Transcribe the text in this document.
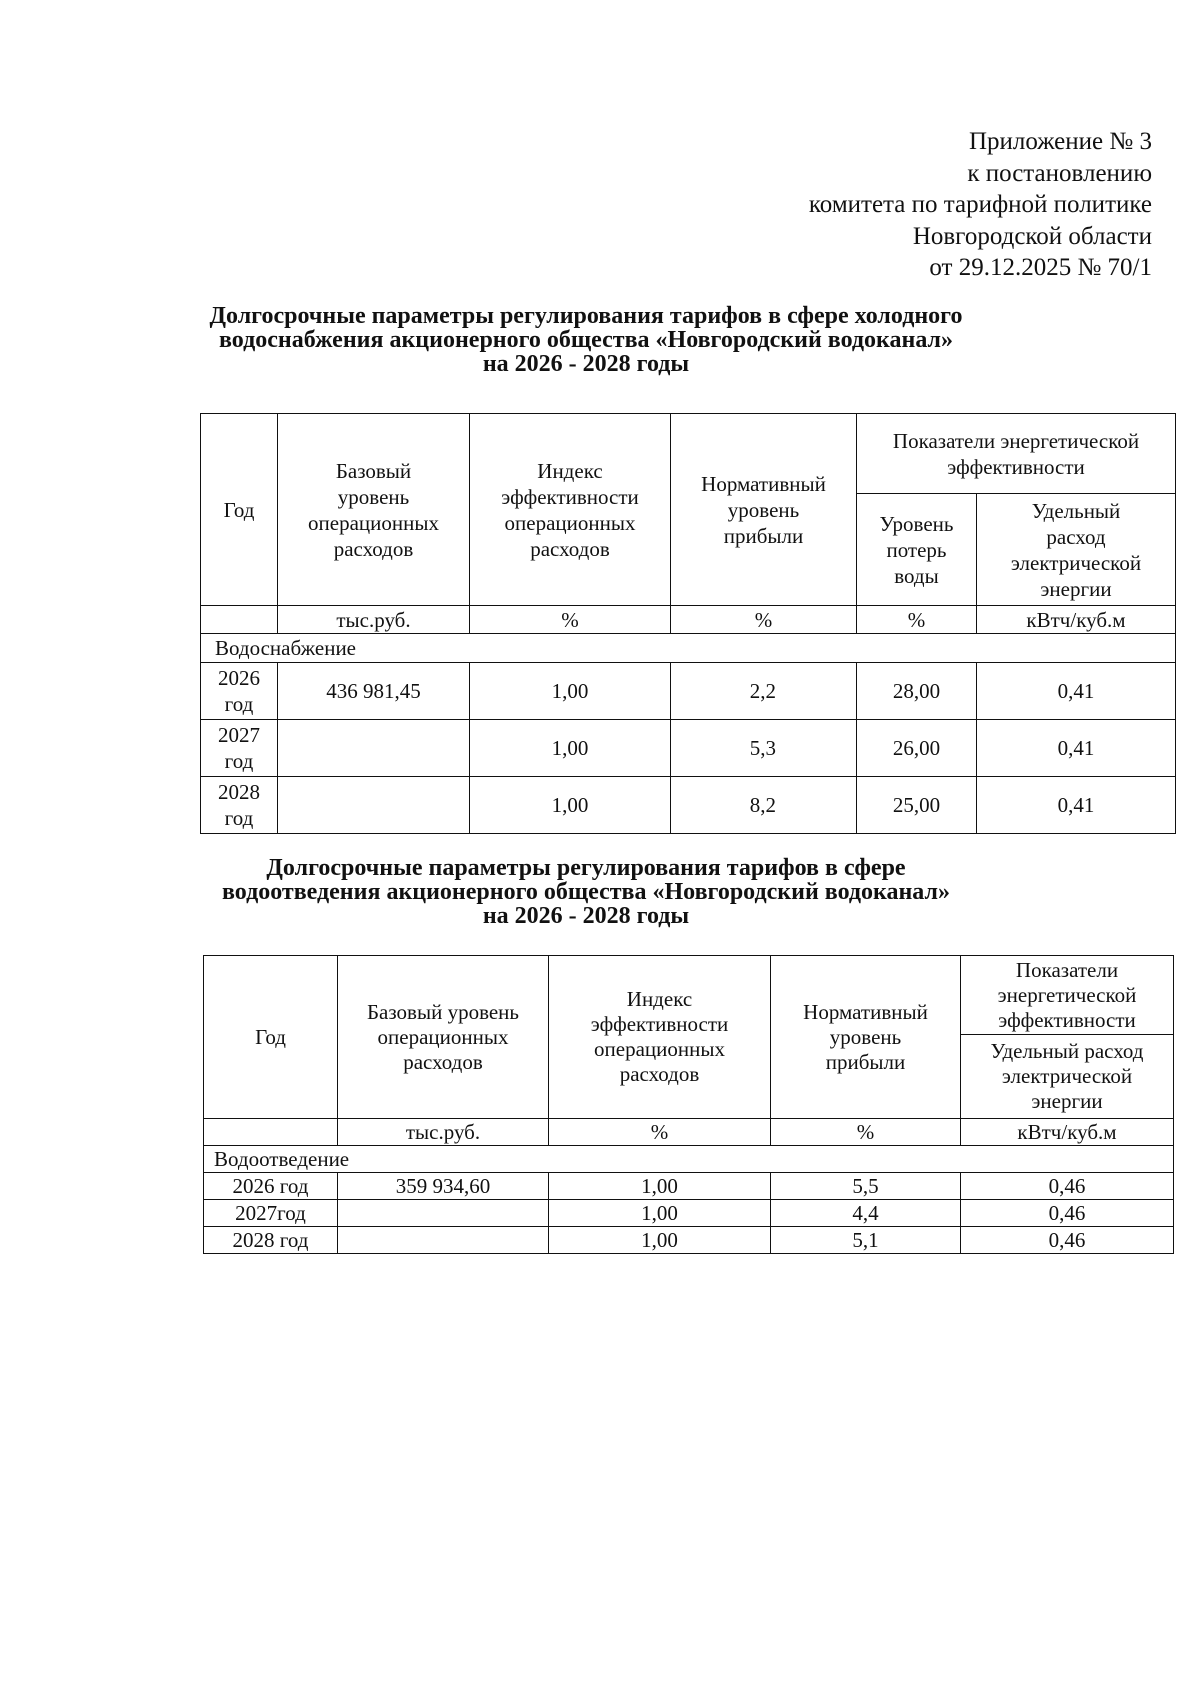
Приложение № 3
к постановлению
комитета по тарифной политике
Новгородской области
от 29.12.2025 № 70/1
Долгосрочные параметры регулирования тарифов в сфере холодного
водоснабжения акционерного общества «Новгородский водоканал»
на 2026 - 2028 годы
Год	Базовый
уровень
операционных
расходов	Индекс
эффективности
операционных
расходов	Нормативный
уровень
прибыли	Показатели энергетической
эффективности	

				Уровень
потерь
воды	Удельный
расход
электрической
энергии

	тыс.руб.	%	%	%	кВтч/куб.м
Водоснабжение					

2026
год	436 981,45	1,00	2,2	28,00	0,41

2027
год		1,00	5,3	26,00	0,41

2028
год		1,00	8,2	25,00	0,41
Долгосрочные параметры регулирования тарифов в сфере
водоотведения акционерного общества «Новгородский водоканал»
на 2026 - 2028 годы
Год	Базовый уровень
операционных
расходов	Индекс
эффективности
операционных
расходов	Нормативный
уровень
прибыли	Показатели
энергетической
эффективности

				Удельный расход
электрической
энергии

	тыс.руб.	%	%	кВтч/куб.м
Водоотведение				
2026 год	359 934,60	1,00	5,5	0,46
2027год		1,00	4,4	0,46
2028 год		1,00	5,1	0,46
